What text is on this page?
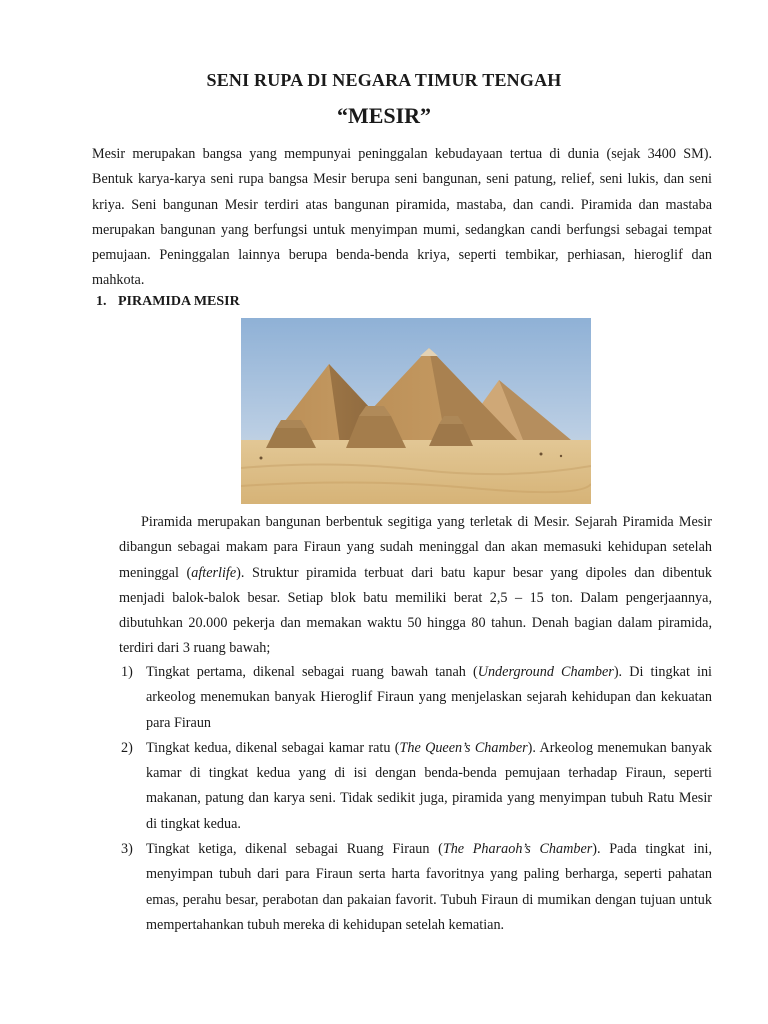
SENI RUPA DI NEGARA TIMUR TENGAH
“MESIR”

Mesir merupakan bangsa yang mempunyai peninggalan kebudayaan tertua di dunia (sejak 3400 SM). Bentuk karya-karya seni rupa bangsa Mesir berupa seni bangunan, seni patung, relief, seni lukis, dan seni kriya. Seni bangunan Mesir terdiri atas bangunan piramida, mastaba, dan candi. Piramida dan mastaba merupakan bangunan yang berfungsi untuk menyimpan mumi, sedangkan candi berfungsi sebagai tempat pemujaan. Peninggalan lainnya berupa benda-benda kriya, seperti tembikar, perhiasan, hieroglif dan mahkota.

1. PIRAMIDA MESIR

Piramida merupakan bangunan berbentuk segitiga yang terletak di Mesir. Sejarah Piramida Mesir dibangun sebagai makam para Firaun yang sudah meninggal dan akan memasuki kehidupan setelah meninggal (afterlife). Struktur piramida terbuat dari batu kapur besar yang dipoles dan dibentuk menjadi balok-balok besar. Setiap blok batu memiliki berat 2,5 – 15 ton. Dalam pengerjaannya, dibutuhkan 20.000 pekerja dan memakan waktu 50 hingga 80 tahun. Denah bagian dalam piramida, terdiri dari 3 ruang bawah;

1) Tingkat pertama, dikenal sebagai ruang bawah tanah (Underground Chamber). Di tingkat ini arkeolog menemukan banyak Hieroglif Firaun yang menjelaskan sejarah kehidupan dan kekuatan para Firaun
2) Tingkat kedua, dikenal sebagai kamar ratu (The Queen’s Chamber). Arkeolog menemukan banyak kamar di tingkat kedua yang di isi dengan benda-benda pemujaan terhadap Firaun, seperti makanan, patung dan karya seni. Tidak sedikit juga, piramida yang menyimpan tubuh Ratu Mesir di tingkat kedua.
3) Tingkat ketiga, dikenal sebagai Ruang Firaun (The Pharaoh’s Chamber). Pada tingkat ini, menyimpan tubuh dari para Firaun serta harta favoritnya yang paling berharga, seperti pahatan emas, perahu besar, perabotan dan pakaian favorit. Tubuh Firaun di mumikan dengan tujuan untuk mempertahankan tubuh mereka di kehidupan setelah kematian.
